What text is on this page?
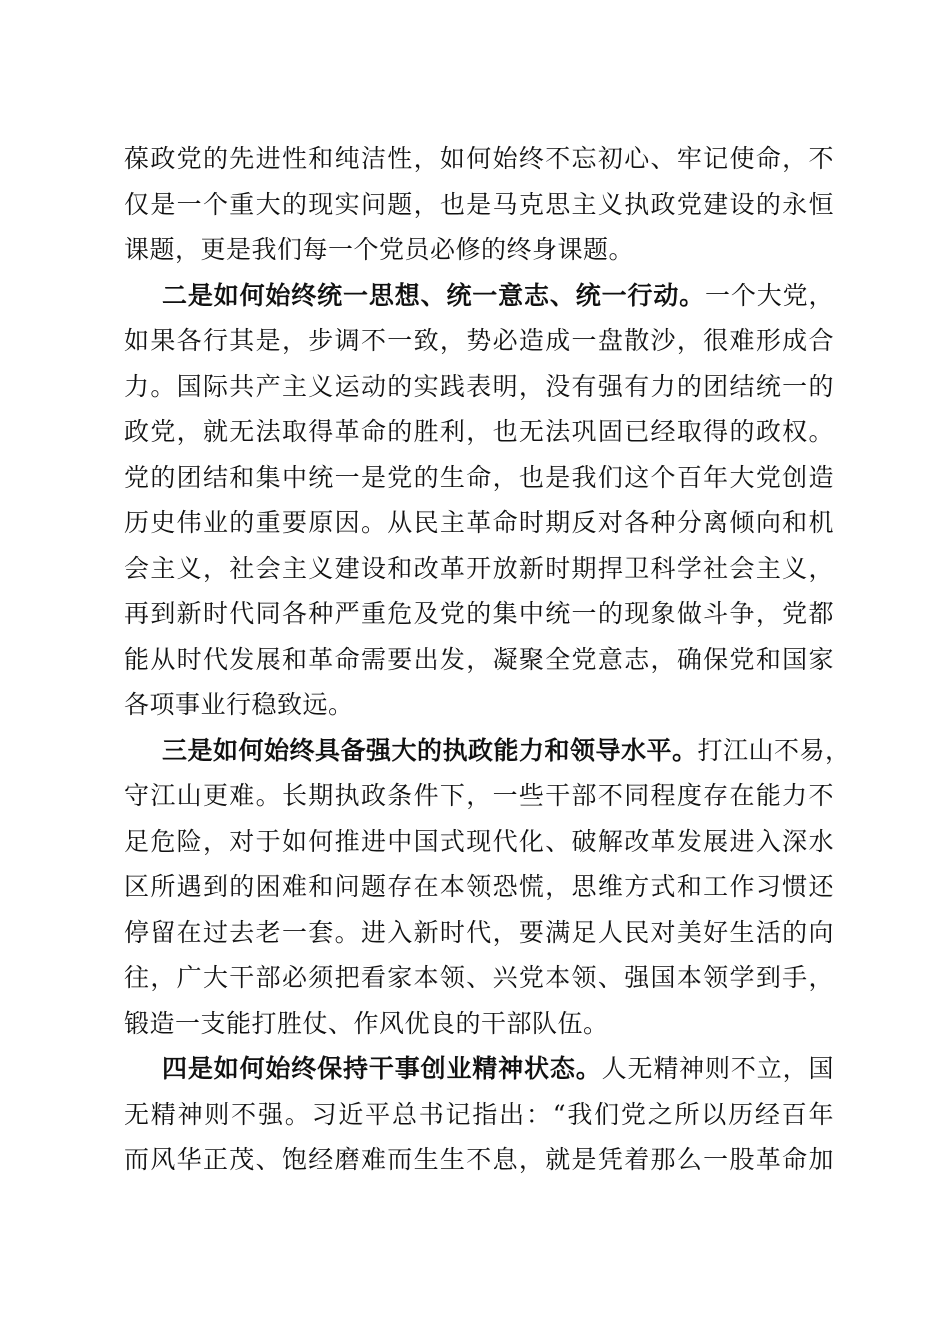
葆政党的先进性和纯洁性，如何始终不忘初心、牢记使命，不
仅是一个重大的现实问题，也是马克思主义执政党建设的永恒
课题，更是我们每一个党员必修的终身课题。
二是如何始终统一思想、统一意志、统一行动。一个大党，
如果各行其是，步调不一致，势必造成一盘散沙，很难形成合
力。国际共产主义运动的实践表明，没有强有力的团结统一的
政党，就无法取得革命的胜利，也无法巩固已经取得的政权。
党的团结和集中统一是党的生命，也是我们这个百年大党创造
历史伟业的重要原因。从民主革命时期反对各种分离倾向和机
会主义，社会主义建设和改革开放新时期捍卫科学社会主义，
再到新时代同各种严重危及党的集中统一的现象做斗争，党都
能从时代发展和革命需要出发，凝聚全党意志，确保党和国家
各项事业行稳致远。
三是如何始终具备强大的执政能力和领导水平。打江山不易，
守江山更难。长期执政条件下，一些干部不同程度存在能力不
足危险，对于如何推进中国式现代化、破解改革发展进入深水
区所遇到的困难和问题存在本领恐慌，思维方式和工作习惯还
停留在过去老一套。进入新时代，要满足人民对美好生活的向
往，广大干部必须把看家本领、兴党本领、强国本领学到手，
锻造一支能打胜仗、作风优良的干部队伍。
四是如何始终保持干事创业精神状态。人无精神则不立，国
无精神则不强。习近平总书记指出：“我们党之所以历经百年
而风华正茂、饱经磨难而生生不息，就是凭着那么一股革命加
